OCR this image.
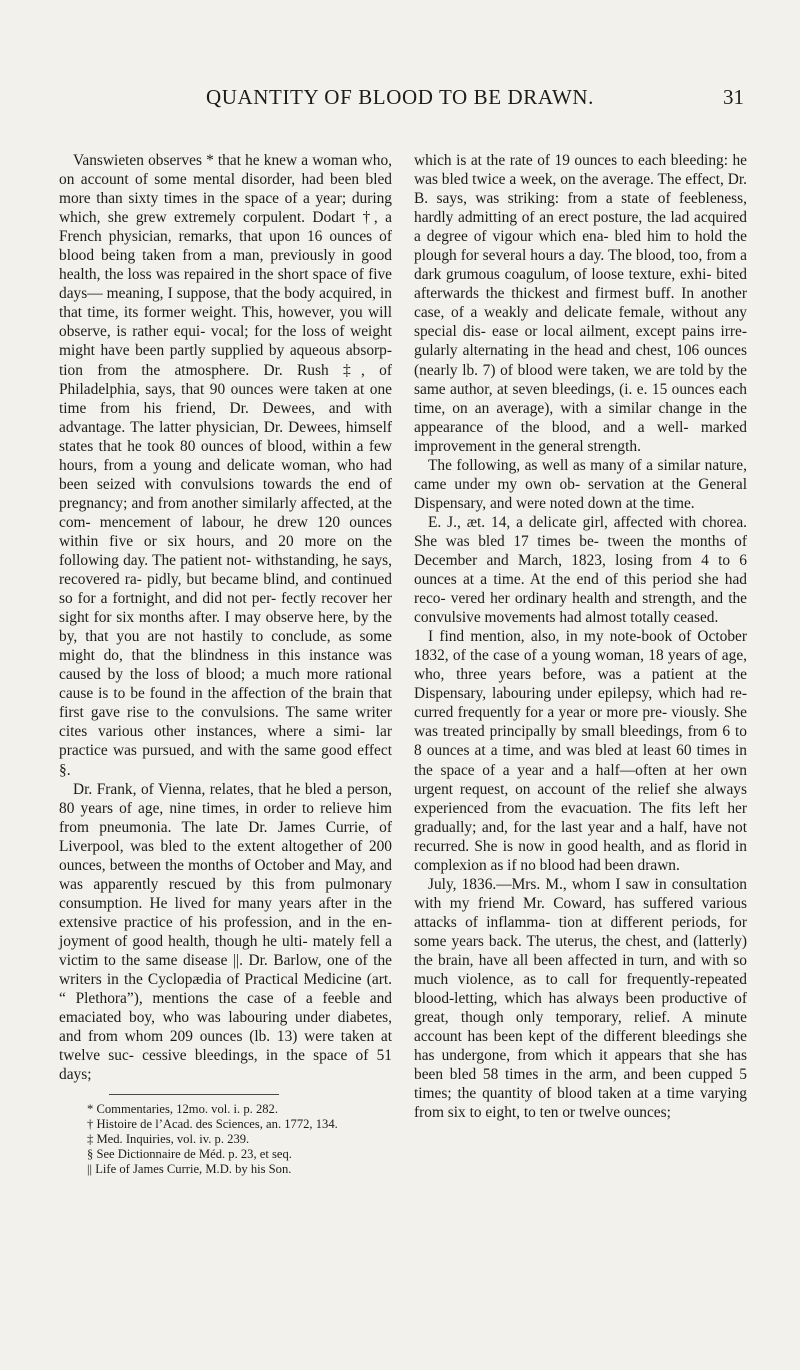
QUANTITY OF BLOOD TO BE DRAWN.	31

Vanswieten observes * that he knew a woman who, on account of some mental disorder, had been bled more than sixty times in the space of a year; during which, she grew extremely corpulent. Dodart †, a French physician, remarks, that upon 16 ounces of blood being taken from a man, previously in good health, the loss was repaired in the short space of five days— meaning, I suppose, that the body acquired, in that time, its former weight. This, however, you will observe, is rather equi- vocal; for the loss of weight might have been partly supplied by aqueous absorp- tion from the atmosphere. Dr. Rush ‡, of Philadelphia, says, that 90 ounces were taken at one time from his friend, Dr. Dewees, and with advantage. The latter physician, Dr. Dewees, himself states that he took 80 ounces of blood, within a few hours, from a young and delicate woman, who had been seized with convulsions towards the end of pregnancy; and from another similarly affected, at the com- mencement of labour, he drew 120 ounces within five or six hours, and 20 more on the following day. The patient not- withstanding, he says, recovered ra- pidly, but became blind, and continued so for a fortnight, and did not per- fectly recover her sight for six months after. I may observe here, by the by, that you are not hastily to conclude, as some might do, that the blindness in this instance was caused by the loss of blood; a much more rational cause is to be found in the affection of the brain that first gave rise to the convulsions. The same writer cites various other instances, where a simi- lar practice was pursued, and with the same good effect §.

Dr. Frank, of Vienna, relates, that he bled a person, 80 years of age, nine times, in order to relieve him from pneumonia. The late Dr. James Currie, of Liverpool, was bled to the extent altogether of 200 ounces, between the months of October and May, and was apparently rescued by this from pulmonary consumption. He lived for many years after in the extensive practice of his profession, and in the en- joyment of good health, though he ulti- mately fell a victim to the same disease ||. Dr. Barlow, one of the writers in the Cyclopædia of Practical Medicine (art. “ Plethora”), mentions the case of a feeble and emaciated boy, who was labouring under diabetes, and from whom 209 ounces (lb. 13) were taken at twelve suc- cessive bleedings, in the space of 51 days;

* Commentaries, 12mo. vol. i. p. 282.
† Histoire de l’Acad. des Sciences, an. 1772, 134.
‡ Med. Inquiries, vol. iv. p. 239.
§ See Dictionnaire de Méd. p. 23, et seq.
|| Life of James Currie, M.D. by his Son.

which is at the rate of 19 ounces to each bleeding: he was bled twice a week, on the average. The effect, Dr. B. says, was striking: from a state of feebleness, hardly admitting of an erect posture, the lad acquired a degree of vigour which ena- bled him to hold the plough for several hours a day. The blood, too, from a dark grumous coagulum, of loose texture, exhi- bited afterwards the thickest and firmest buff. In another case, of a weakly and delicate female, without any special dis- ease or local ailment, except pains irre- gularly alternating in the head and chest, 106 ounces (nearly lb. 7) of blood were taken, we are told by the same author, at seven bleedings, (i. e. 15 ounces each time, on an average), with a similar change in the appearance of the blood, and a well- marked improvement in the general strength.

The following, as well as many of a similar nature, came under my own ob- servation at the General Dispensary, and were noted down at the time.

E. J., æt. 14, a delicate girl, affected with chorea. She was bled 17 times be- tween the months of December and March, 1823, losing from 4 to 6 ounces at a time. At the end of this period she had reco- vered her ordinary health and strength, and the convulsive movements had almost totally ceased.

I find mention, also, in my note-book of October 1832, of the case of a young woman, 18 years of age, who, three years before, was a patient at the Dispensary, labouring under epilepsy, which had re- curred frequently for a year or more pre- viously. She was treated principally by small bleedings, from 6 to 8 ounces at a time, and was bled at least 60 times in the space of a year and a half—often at her own urgent request, on account of the relief she always experienced from the evacuation. The fits left her gradually; and, for the last year and a half, have not recurred. She is now in good health, and as florid in complexion as if no blood had been drawn.

July, 1836.—Mrs. M., whom I saw in consultation with my friend Mr. Coward, has suffered various attacks of inflamma- tion at different periods, for some years back. The uterus, the chest, and (latterly) the brain, have all been affected in turn, and with so much violence, as to call for frequently-repeated blood-letting, which has always been productive of great, though only temporary, relief. A minute account has been kept of the different bleedings she has undergone, from which it appears that she has been bled 58 times in the arm, and been cupped 5 times; the quantity of blood taken at a time varying from six to eight, to ten or twelve ounces;
